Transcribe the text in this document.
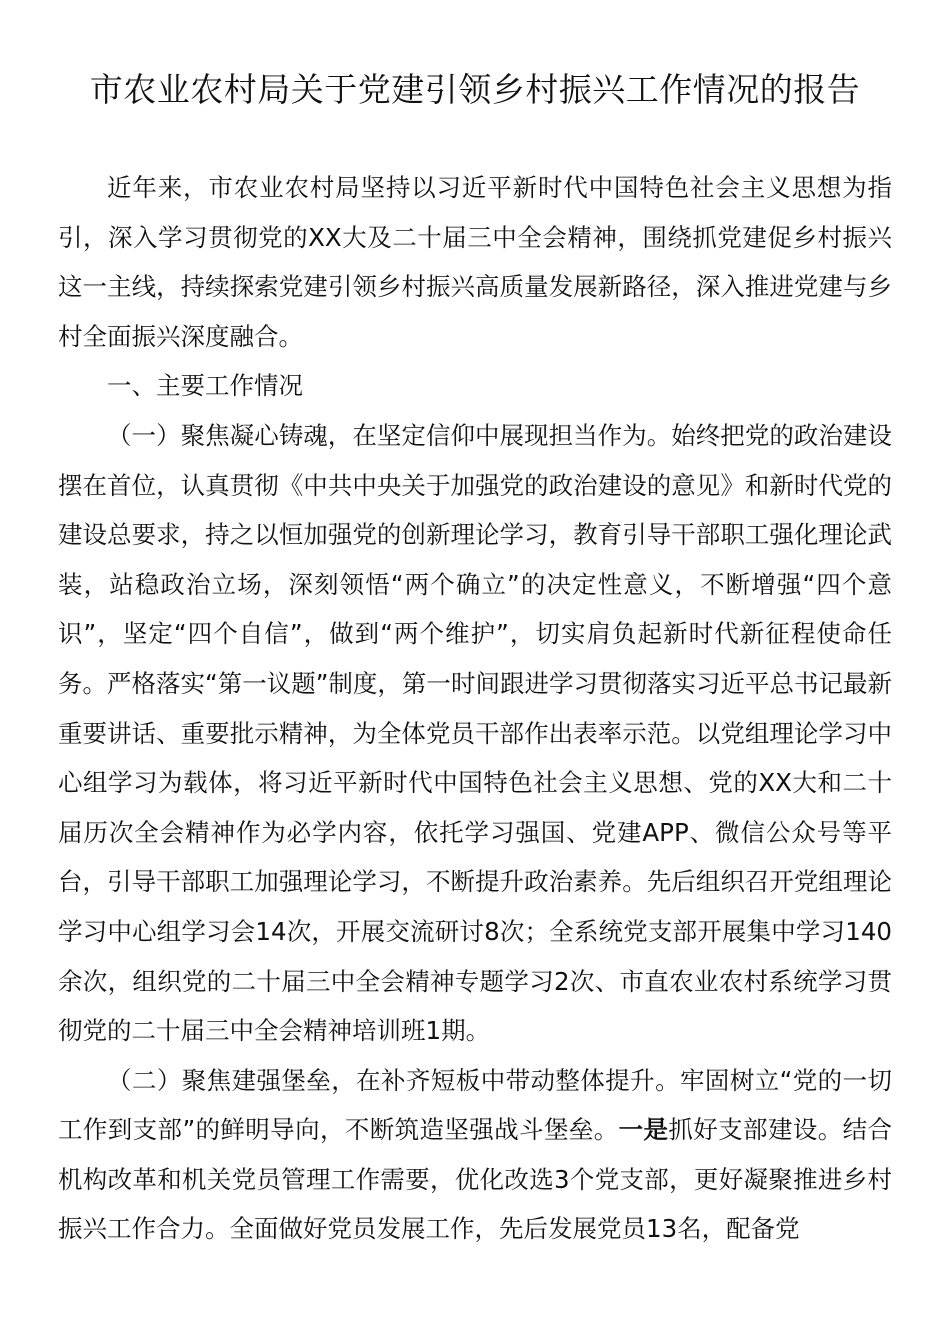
市农业农村局关于党建引领乡村振兴工作情况的报告

近年来，市农业农村局坚持以习近平新时代中国特色社会主义思想为指引，深入学习贯彻党的XX大及二十届三中全会精神，围绕抓党建促乡村振兴这一主线，持续探索党建引领乡村振兴高质量发展新路径，深入推进党建与乡村全面振兴深度融合。

一、主要工作情况

（一）聚焦凝心铸魂，在坚定信仰中展现担当作为。始终把党的政治建设摆在首位，认真贯彻《中共中央关于加强党的政治建设的意见》和新时代党的建设总要求，持之以恒加强党的创新理论学习，教育引导干部职工强化理论武装，站稳政治立场，深刻领悟“两个确立”的决定性意义，不断增强“四个意识”，坚定“四个自信”，做到“两个维护”，切实肩负起新时代新征程使命任务。严格落实“第一议题”制度，第一时间跟进学习贯彻落实习近平总书记最新重要讲话、重要批示精神，为全体党员干部作出表率示范。以党组理论学习中心组学习为载体，将习近平新时代中国特色社会主义思想、党的XX大和二十届历次全会精神作为必学内容，依托学习强国、党建APP、微信公众号等平台，引导干部职工加强理论学习，不断提升政治素养。先后组织召开党组理论学习中心组学习会14次，开展交流研讨8次；全系统党支部开展集中学习140余次，组织党的二十届三中全会精神专题学习2次、市直农业农村系统学习贯彻党的二十届三中全会精神培训班1期。

（二）聚焦建强堡垒，在补齐短板中带动整体提升。牢固树立“党的一切工作到支部”的鲜明导向，不断筑造坚强战斗堡垒。一是抓好支部建设。结合机构改革和机关党员管理工作需要，优化改选3个党支部，更好凝聚推进乡村振兴工作合力。全面做好党员发展工作，先后发展党员13名，配备党
